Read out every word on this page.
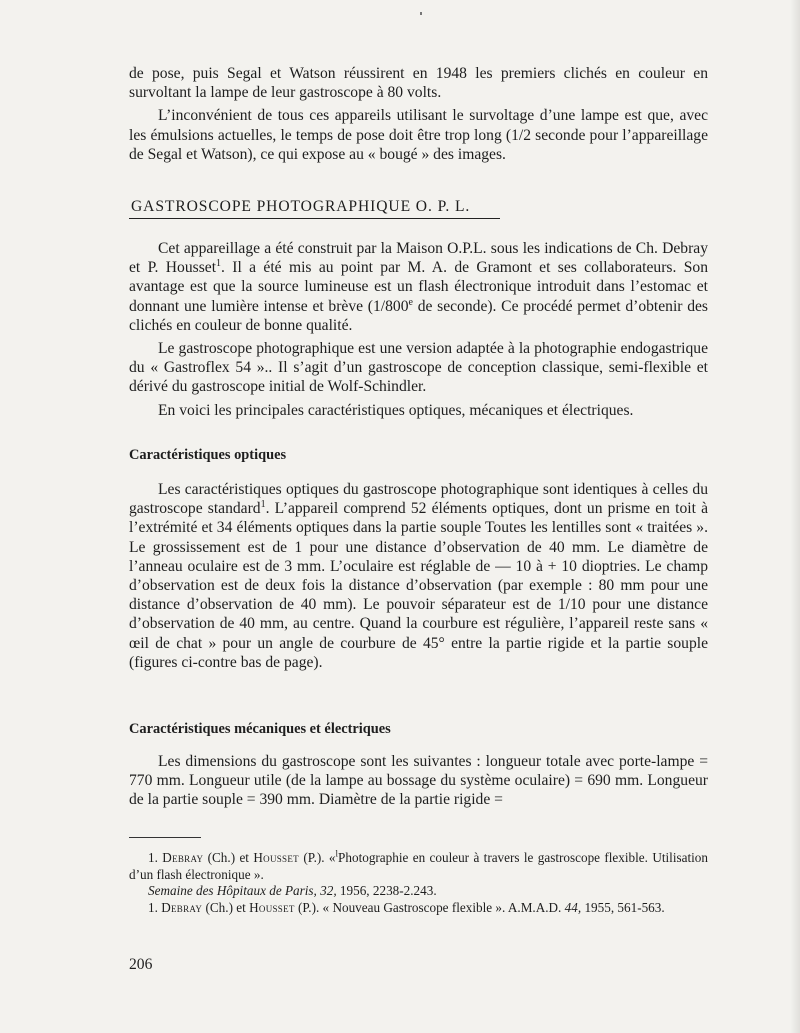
de pose, puis Segal et Watson réussirent en 1948 les premiers clichés en couleur en survoltant la lampe de leur gastroscope à 80 volts.

L’inconvénient de tous ces appareils utilisant le survoltage d’une lampe est que, avec les émulsions actuelles, le temps de pose doit être trop long (1/2 seconde pour l’appareillage de Segal et Watson), ce qui expose au « bougé » des images.

GASTROSCOPE PHOTOGRAPHIQUE O. P. L.

Cet appareillage a été construit par la Maison O.P.L. sous les indications de Ch. Debray et P. Housset$^1$. Il a été mis au point par M. A. de Gramont et ses collaborateurs. Son avantage est que la source lumineuse est un flash électronique introduit dans l’estomac et donnant une lumière intense et brève (1/800e de seconde). Ce procédé permet d’obtenir des clichés en couleur de bonne qualité.

Le gastroscope photographique est une version adaptée à la photographie endogastrique du « Gastroflex 54 ».. Il s’agit d’un gastroscope de conception classique, semi-flexible et dérivé du gastroscope initial de Wolf-Schindler.

En voici les principales caractéristiques optiques, mécaniques et électriques.

Caractéristiques optiques

Les caractéristiques optiques du gastroscope photographique sont identiques à celles du gastroscope standard$^1$. L’appareil comprend 52 éléments optiques, dont un prisme en toit à l’extrémité et 34 éléments optiques dans la partie souple Toutes les lentilles sont « traitées ». Le grossissement est de 1 pour une distance d’observation de 40 mm. Le diamètre de l’anneau oculaire est de 3 mm. L’oculaire est réglable de — 10 à + 10 dioptries. Le champ d’observation est de deux fois la distance d’observation (par exemple : 80 mm pour une distance d’observation de 40 mm). Le pouvoir séparateur est de 1/10 pour une distance d’observation de 40 mm, au centre. Quand la courbure est régulière, l’appareil reste sans « œil de chat » pour un angle de courbure de 45° entre la partie rigide et la partie souple (figures ci-contre bas de page).

Caractéristiques mécaniques et électriques

Les dimensions du gastroscope sont les suivantes : longueur totale avec porte-lampe = 770 mm. Longueur utile (de la lampe au bossage du système oculaire) = 690 mm. Longueur de la partie souple = 390 mm. Diamètre de la partie rigide =

1. Debray (Ch.) et Housset (P.). «$^l$Photographie en couleur à travers le gastroscope flexible. Utilisation d’un flash électronique ».

Semaine des Hôpitaux de Paris, 32, 1956, 2238-2.243.

1. Debray (Ch.) et Housset (P.). « Nouveau Gastroscope flexible ». A.M.A.D. 44, 1955, 561-563.

206
